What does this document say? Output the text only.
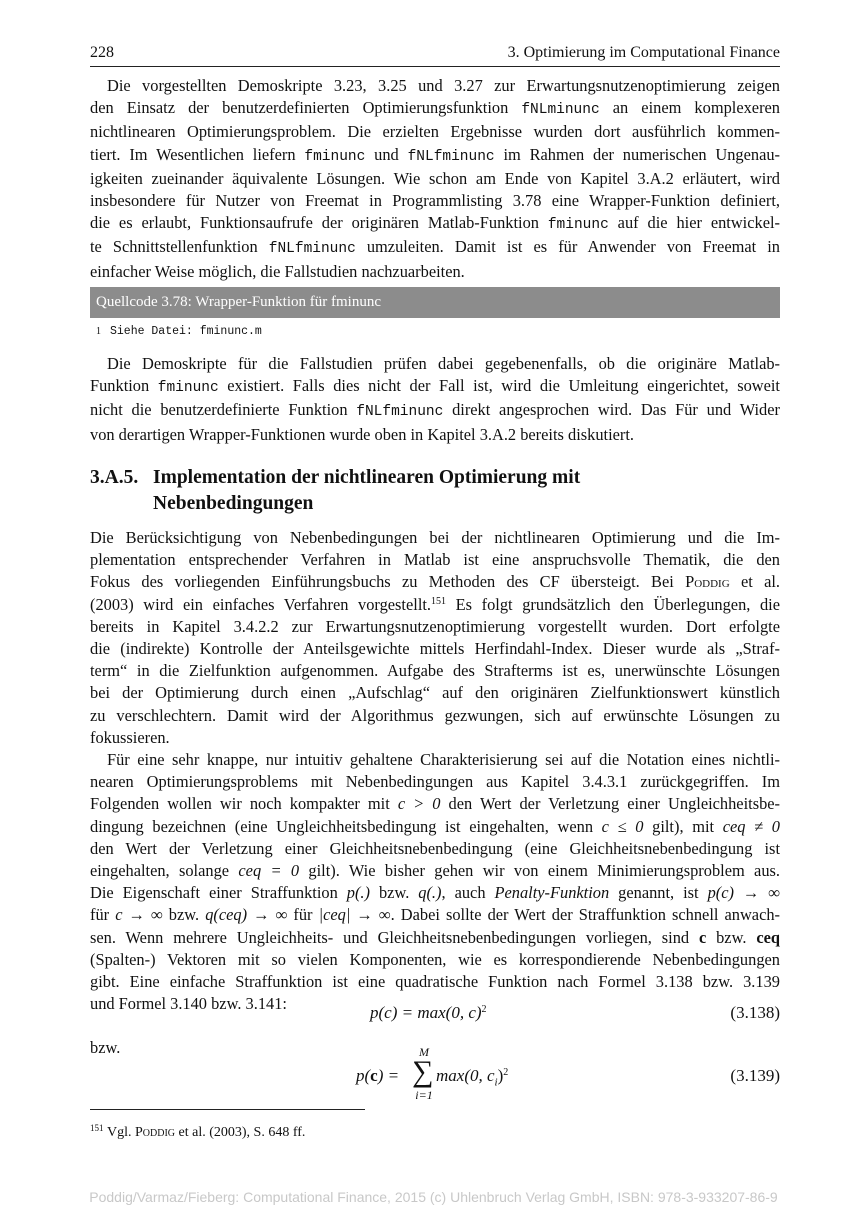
228	3. Optimierung im Computational Finance
Die vorgestellten Demoskripte 3.23, 3.25 und 3.27 zur Erwartungsnutzenoptimierung zeigen
den Einsatz der benutzerdefinierten Optimierungsfunktion fNLminunc an einem komplexeren
nichtlinearen Optimierungsproblem. Die erzielten Ergebnisse wurden dort ausführlich kommen-
tiert. Im Wesentlichen liefern fminunc und fNLfminunc im Rahmen der numerischen Ungenau-
igkeiten zueinander äquivalente Lösungen. Wie schon am Ende von Kapitel 3.A.2 erläutert, wird
insbesondere für Nutzer von Freemat in Programmlisting 3.78 eine Wrapper-Funktion definiert,
die es erlaubt, Funktionsaufrufe der originären Matlab-Funktion fminunc auf die hier entwickel-
te Schnittstellenfunktion fNLfminunc umzuleiten. Damit ist es für Anwender von Freemat in
einfacher Weise möglich, die Fallstudien nachzuarbeiten.
Quellcode 3.78: Wrapper-Funktion für fminunc
1 Siehe Datei: fminunc.m
Die Demoskripte für die Fallstudien prüfen dabei gegebenenfalls, ob die originäre Matlab-
Funktion fminunc existiert. Falls dies nicht der Fall ist, wird die Umleitung eingerichtet, soweit
nicht die benutzerdefinierte Funktion fNLfminunc direkt angesprochen wird. Das Für und Wider
von derartigen Wrapper-Funktionen wurde oben in Kapitel 3.A.2 bereits diskutiert.
3.A.5. Implementation der nichtlinearen Optimierung mit
Nebenbedingungen
Die Berücksichtigung von Nebenbedingungen bei der nichtlinearen Optimierung und die Im-
plementation entsprechender Verfahren in Matlab ist eine anspruchsvolle Thematik, die den
Fokus des vorliegenden Einführungsbuchs zu Methoden des CF übersteigt. Bei Poddig et al.
(2003) wird ein einfaches Verfahren vorgestellt.$^{151}$ Es folgt grundsätzlich den Überlegungen, die
bereits in Kapitel 3.4.2.2 zur Erwartungsnutzenoptimierung vorgestellt wurden. Dort erfolgte
die (indirekte) Kontrolle der Anteilsgewichte mittels Herfindahl-Index. Dieser wurde als „Straf-
term“ in die Zielfunktion aufgenommen. Aufgabe des Strafterms ist es, unerwünschte Lösungen
bei der Optimierung durch einen „Aufschlag“ auf den originären Zielfunktionswert künstlich
zu verschlechtern. Damit wird der Algorithmus gezwungen, sich auf erwünschte Lösungen zu
fokussieren.
Für eine sehr knappe, nur intuitiv gehaltene Charakterisierung sei auf die Notation eines nichtli-
nearen Optimierungsproblems mit Nebenbedingungen aus Kapitel 3.4.3.1 zurückgegriffen. Im
Folgenden wollen wir noch kompakter mit c > 0 den Wert der Verletzung einer Ungleichheitsbe-
dingung bezeichnen (eine Ungleichheitsbedingung ist eingehalten, wenn c ≤ 0 gilt), mit ceq ≠ 0
den Wert der Verletzung einer Gleichheitsnebenbedingung (eine Gleichheitsnebenbedingung ist
eingehalten, solange ceq = 0 gilt). Wie bisher gehen wir von einem Minimierungsproblem aus.
Die Eigenschaft einer Straffunktion p(.) bzw. q(.), auch Penalty-Funktion genannt, ist p(c) → ∞
für c → ∞ bzw. q(ceq) → ∞ für |ceq| → ∞. Dabei sollte der Wert der Straffunktion schnell anwach-
sen. Wenn mehrere Ungleichheits- und Gleichheitsnebenbedingungen vorliegen, sind c bzw. ceq
(Spalten-) Vektoren mit so vielen Komponenten, wie es korrespondierende Nebenbedingungen
gibt. Eine einfache Straffunktion ist eine quadratische Funktion nach Formel 3.138 bzw. 3.139
und Formel 3.140 bzw. 3.141:	p(c) = max(0, c)$^2$	(3.138)
bzw.
p(c) =
M
∑
i=1
max(0, $c_i)^2$	(3.139)
$^{151}$ Vgl. Poddig et al. (2003), S. 648 ff.
Poddig/Varmaz/Fieberg: Computational Finance, 2015 (c) Uhlenbruch Verlag GmbH, ISBN: 978-3-933207-86-9
